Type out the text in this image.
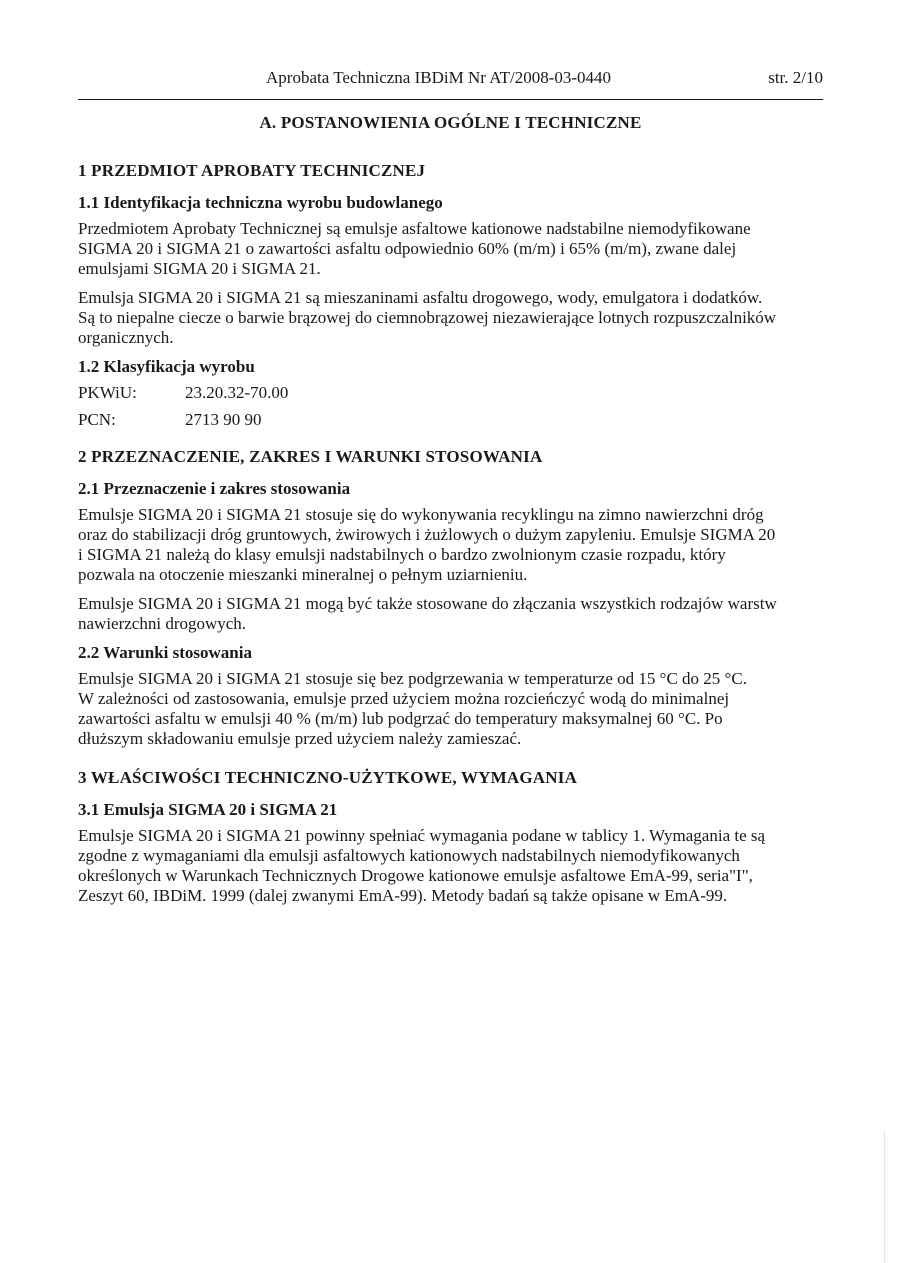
Aprobata Techniczna IBDiM Nr AT/2008-03-0440	str. 2/10
A. POSTANOWIENIA OGÓLNE I TECHNICZNE
1 PRZEDMIOT APROBATY TECHNICZNEJ
1.1 Identyfikacja techniczna wyrobu budowlanego

Przedmiotem Aprobaty Technicznej są emulsje asfaltowe kationowe nadstabilne niemodyfikowane
SIGMA 20 i SIGMA 21 o zawartości asfaltu odpowiednio 60% (m/m) i 65% (m/m), zwane dalej
emulsjami SIGMA 20 i SIGMA 21.

Emulsja SIGMA 20 i SIGMA 21 są mieszaninami asfaltu drogowego, wody, emulgatora i dodatków.
Są to niepalne ciecze o barwie brązowej do ciemnobrązowej niezawierające lotnych rozpuszczalników
organicznych.

1.2 Klasyfikacja wyrobu
PKWiU:	23.20.32-70.00
PCN:	2713 90 90
2 PRZEZNACZENIE, ZAKRES I WARUNKI STOSOWANIA
2.1 Przeznaczenie i zakres stosowania

Emulsje SIGMA 20 i SIGMA 21 stosuje się do wykonywania recyklingu na zimno nawierzchni dróg
oraz do stabilizacji dróg gruntowych, żwirowych i żużlowych o dużym zapyleniu. Emulsje SIGMA 20
i SIGMA 21 należą do klasy emulsji nadstabilnych o bardzo zwolnionym czasie rozpadu, który
pozwala na otoczenie mieszanki mineralnej o pełnym uziarnieniu.

Emulsje SIGMA 20 i SIGMA 21 mogą być także stosowane do złączania wszystkich rodzajów warstw
nawierzchni drogowych.

2.2 Warunki stosowania

Emulsje SIGMA 20 i SIGMA 21 stosuje się bez podgrzewania w temperaturze od 15 °C do 25 °C.
W zależności od zastosowania, emulsje przed użyciem można rozcieńczyć wodą do minimalnej
zawartości asfaltu w emulsji 40 % (m/m) lub podgrzać do temperatury maksymalnej 60 °C. Po
dłuższym składowaniu emulsje przed użyciem należy zamieszać.

3 WŁAŚCIWOŚCI TECHNICZNO-UŻYTKOWE, WYMAGANIA
3.1 Emulsja SIGMA 20 i SIGMA 21

Emulsje SIGMA 20 i SIGMA 21 powinny spełniać wymagania podane w tablicy 1. Wymagania te są
zgodne z wymaganiami dla emulsji asfaltowych kationowych nadstabilnych niemodyfikowanych
określonych w Warunkach Technicznych Drogowe kationowe emulsje asfaltowe EmA-99, seria"I",
Zeszyt 60, IBDiM. 1999 (dalej zwanymi EmA-99). Metody badań są także opisane w EmA-99.
